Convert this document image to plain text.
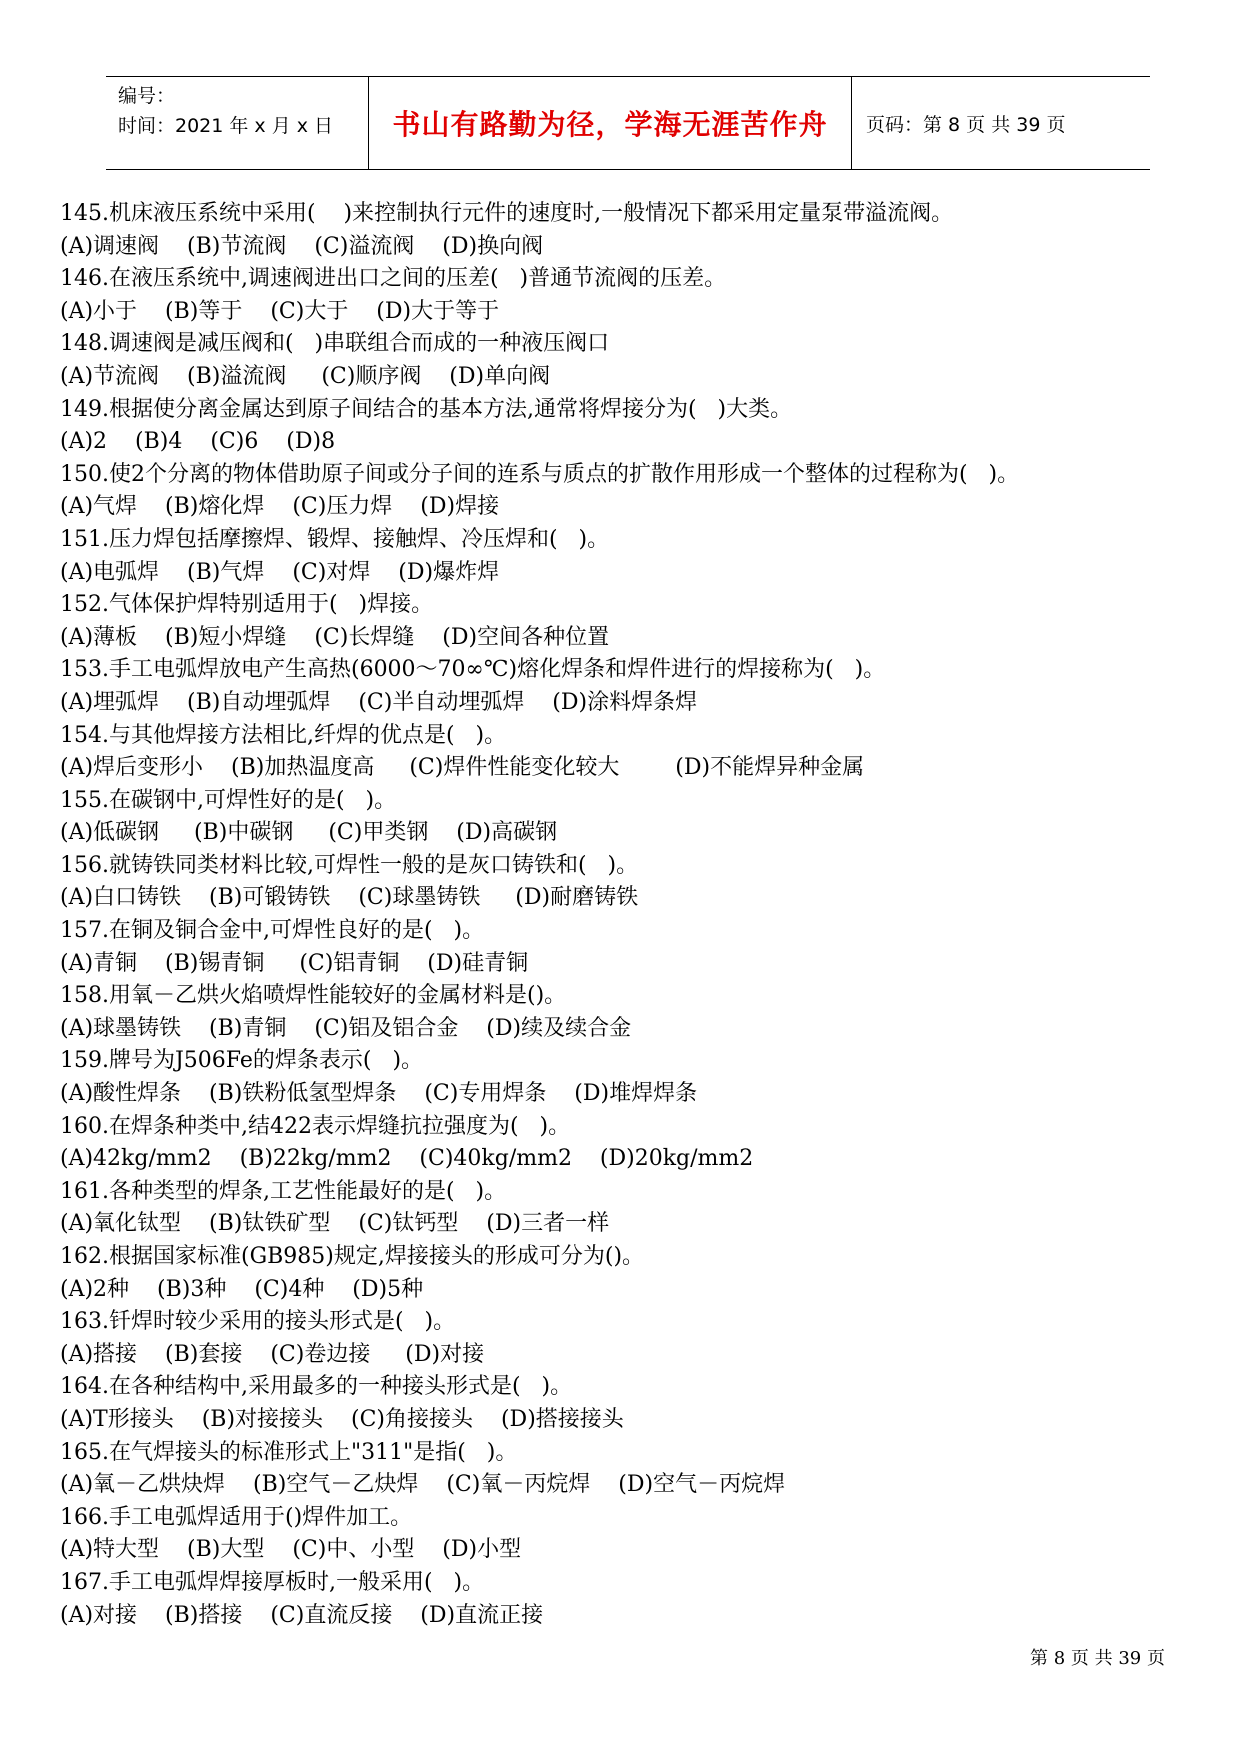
编号：
时间：2021 年 x 月 x 日	书山有路勤为径，学海无涯苦作舟 页码：第 8 页 共 39 页
145.机床液压系统中采用(    )来控制执行元件的速度时,一般情况下都采用定量泵带溢流阀。
(A)调速阀    (B)节流阀    (C)溢流阀    (D)换向阀
146.在液压系统中,调速阀进出口之间的压差(   )普通节流阀的压差。
(A)小于    (B)等于    (C)大于    (D)大于等于
148.调速阀是减压阀和(   )串联组合而成的一种液压阀口
(A)节流阀    (B)溢流阀     (C)顺序阀    (D)单向阀
149.根据使分离金属达到原子间结合的基本方法,通常将焊接分为(   )大类。
(A)2    (B)4    (C)6    (D)8
150.使2个分离的物体借助原子间或分子间的连系与质点的扩散作用形成一个整体的过程称为(   )。
(A)气焊    (B)熔化焊    (C)压力焊    (D)焊接
151.压力焊包括摩擦焊、锻焊、接触焊、冷压焊和(   )。
(A)电弧焊    (B)气焊    (C)对焊    (D)爆炸焊
152.气体保护焊特别适用于(   )焊接。
(A)薄板    (B)短小焊缝    (C)长焊缝    (D)空间各种位置
153.手工电弧焊放电产生高热(6000～70∞℃)熔化焊条和焊件进行的焊接称为(   )。
(A)埋弧焊    (B)自动埋弧焊    (C)半自动埋弧焊    (D)涂料焊条焊
154.与其他焊接方法相比,纤焊的优点是(   )。
(A)焊后变形小    (B)加热温度高     (C)焊件性能变化较大        (D)不能焊异种金属
155.在碳钢中,可焊性好的是(   )。
(A)低碳钢     (B)中碳钢     (C)甲类钢    (D)高碳钢
156.就铸铁同类材料比较,可焊性一般的是灰口铸铁和(   )。
(A)白口铸铁    (B)可锻铸铁    (C)球墨铸铁     (D)耐磨铸铁
157.在铜及铜合金中,可焊性良好的是(   )。
(A)青铜    (B)锡青铜     (C)铝青铜    (D)硅青铜
158.用氧－乙烘火焰喷焊性能较好的金属材料是()。
(A)球墨铸铁    (B)青铜    (C)铝及铝合金    (D)续及续合金
159.牌号为J506Fe的焊条表示(   )。
(A)酸性焊条    (B)铁粉低氢型焊条    (C)专用焊条    (D)堆焊焊条
160.在焊条种类中,结422表示焊缝抗拉强度为(   )。
(A)42kg/mm2    (B)22kg/mm2    (C)40kg/mm2    (D)20kg/mm2
161.各种类型的焊条,工艺性能最好的是(   )。
(A)氧化钛型    (B)钛铁矿型    (C)钛钙型    (D)三者一样
162.根据国家标准(GB985)规定,焊接接头的形成可分为()。
(A)2种    (B)3种    (C)4种    (D)5种
163.钎焊时较少采用的接头形式是(   )。
(A)搭接    (B)套接    (C)卷边接     (D)对接
164.在各种结构中,采用最多的一种接头形式是(   )。
(A)T形接头    (B)对接接头    (C)角接接头    (D)搭接接头
165.在气焊接头的标准形式上"311"是指(   )。
(A)氧－乙烘炔焊    (B)空气－乙炔焊    (C)氧－丙烷焊    (D)空气－丙烷焊
166.手工电弧焊适用于()焊件加工。
(A)特大型    (B)大型    (C)中、小型    (D)小型
167.手工电弧焊焊接厚板时,一般采用(   )。
(A)对接    (B)搭接    (C)直流反接    (D)直流正接
第 8 页 共 39 页
